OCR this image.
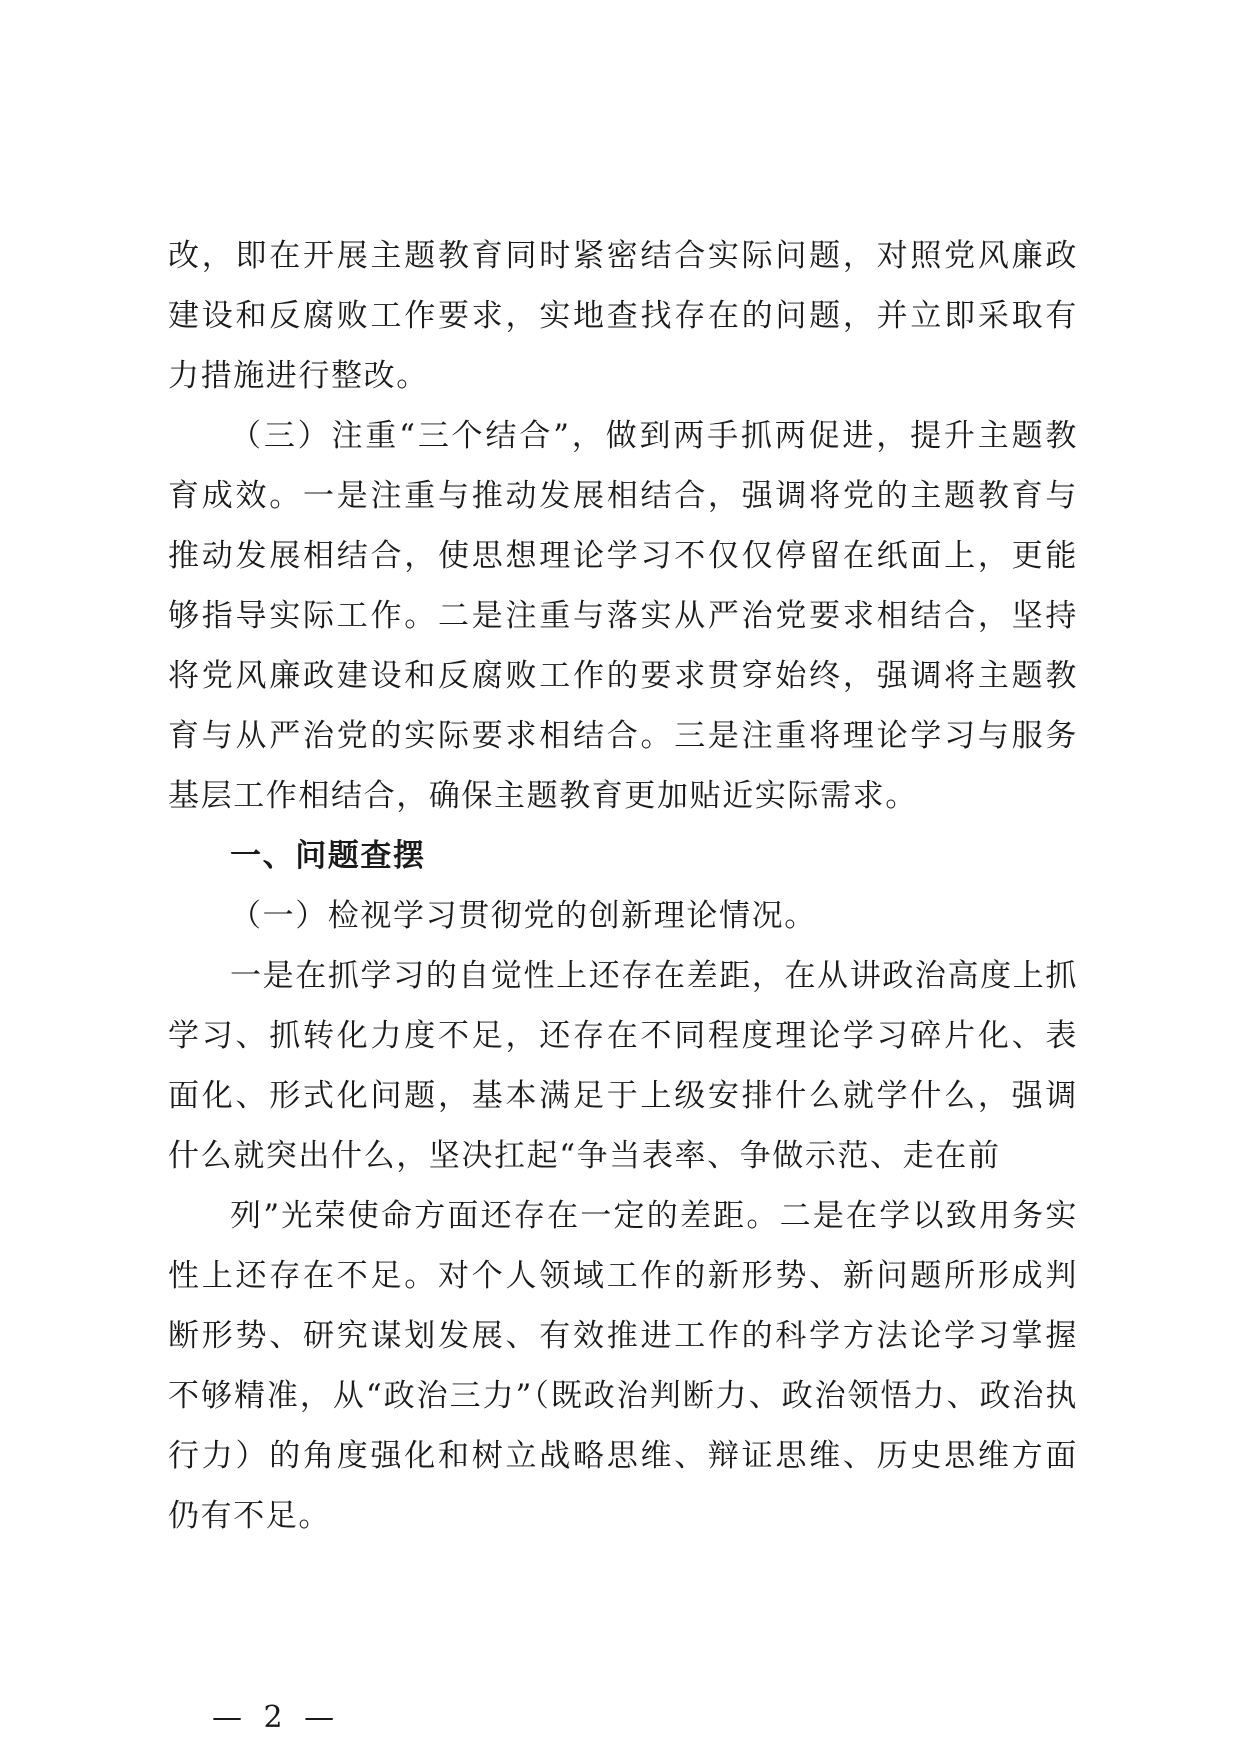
改，即在开展主题教育同时紧密结合实际问题，对照党风廉政建设和反腐败工作要求，实地查找存在的问题，并立即采取有力措施进行整改。

（三）注重“三个结合”，做到两手抓两促进，提升主题教育成效。一是注重与推动发展相结合，强调将党的主题教育与推动发展相结合，使思想理论学习不仅仅停留在纸面上，更能够指导实际工作。二是注重与落实从严治党要求相结合，坚持将党风廉政建设和反腐败工作的要求贯穿始终，强调将主题教育与从严治党的实际要求相结合。三是注重将理论学习与服务基层工作相结合，确保主题教育更加贴近实际需求。

一、问题查摆

（一）检视学习贯彻党的创新理论情况。

一是在抓学习的自觉性上还存在差距，在从讲政治高度上抓学习、抓转化力度不足，还存在不同程度理论学习碎片化、表面化、形式化问题，基本满足于上级安排什么就学什么，强调什么就突出什么，坚决扛起“争当表率、争做示范、走在前

列”光荣使命方面还存在一定的差距。二是在学以致用务实性上还存在不足。对个人领域工作的新形势、新问题所形成判断形势、研究谋划发展、有效推进工作的科学方法论学习掌握不够精准，从“政治三力”（既政治判断力、政治领悟力、政治执行力）的角度强化和树立战略思维、辩证思维、历史思维方面仍有不足。

— 2 —
